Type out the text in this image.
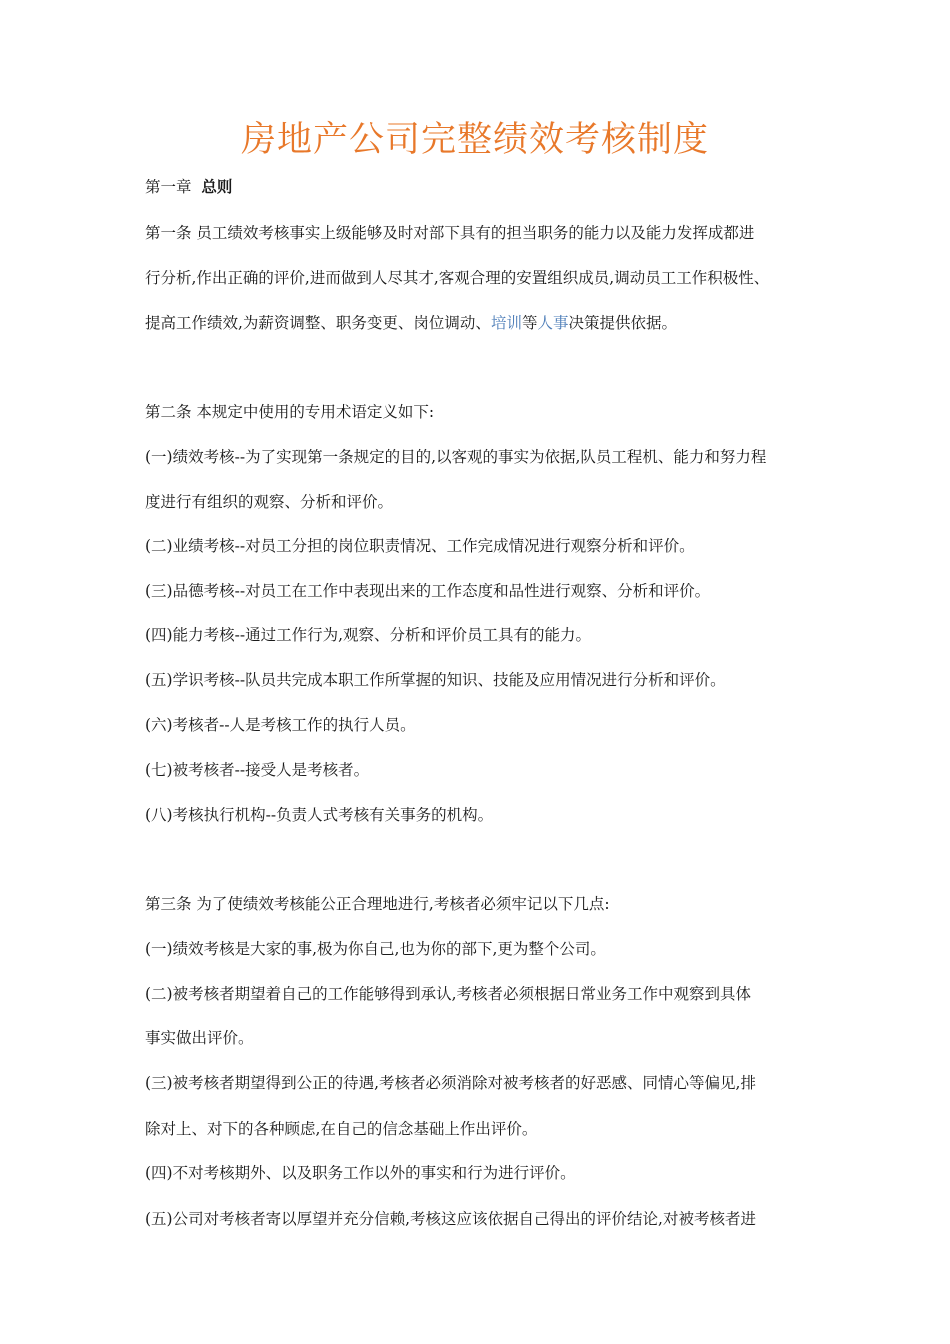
房地产公司完整绩效考核制度

第一章 总则

第一条 员工绩效考核事实上级能够及时对部下具有的担当职务的能力以及能力发挥成都进

行分析,作出正确的评价,进而做到人尽其才,客观合理的安置组织成员,调动员工工作积极性、

提高工作绩效,为薪资调整、职务变更、岗位调动、培训等人事决策提供依据。

第二条 本规定中使用的专用术语定义如下:

(一)绩效考核--为了实现第一条规定的目的,以客观的事实为依据,队员工程机、能力和努力程

度进行有组织的观察、分析和评价。

(二)业绩考核--对员工分担的岗位职责情况、工作完成情况进行观察分析和评价。

(三)品德考核--对员工在工作中表现出来的工作态度和品性进行观察、分析和评价。

(四)能力考核--通过工作行为,观察、分析和评价员工具有的能力。

(五)学识考核--队员共完成本职工作所掌握的知识、技能及应用情况进行分析和评价。

(六)考核者--人是考核工作的执行人员。

(七)被考核者--接受人是考核者。

(八)考核执行机构--负责人式考核有关事务的机构。

第三条 为了使绩效考核能公正合理地进行,考核者必须牢记以下几点:

(一)绩效考核是大家的事,极为你自己,也为你的部下,更为整个公司。

(二)被考核者期望着自己的工作能够得到承认,考核者必须根据日常业务工作中观察到具体

事实做出评价。

(三)被考核者期望得到公正的待遇,考核者必须消除对被考核者的好恶感、同情心等偏见,排

除对上、对下的各种顾虑,在自己的信念基础上作出评价。

(四)不对考核期外、以及职务工作以外的事实和行为进行评价。

(五)公司对考核者寄以厚望并充分信赖,考核这应该依据自己得出的评价结论,对被考核者进
